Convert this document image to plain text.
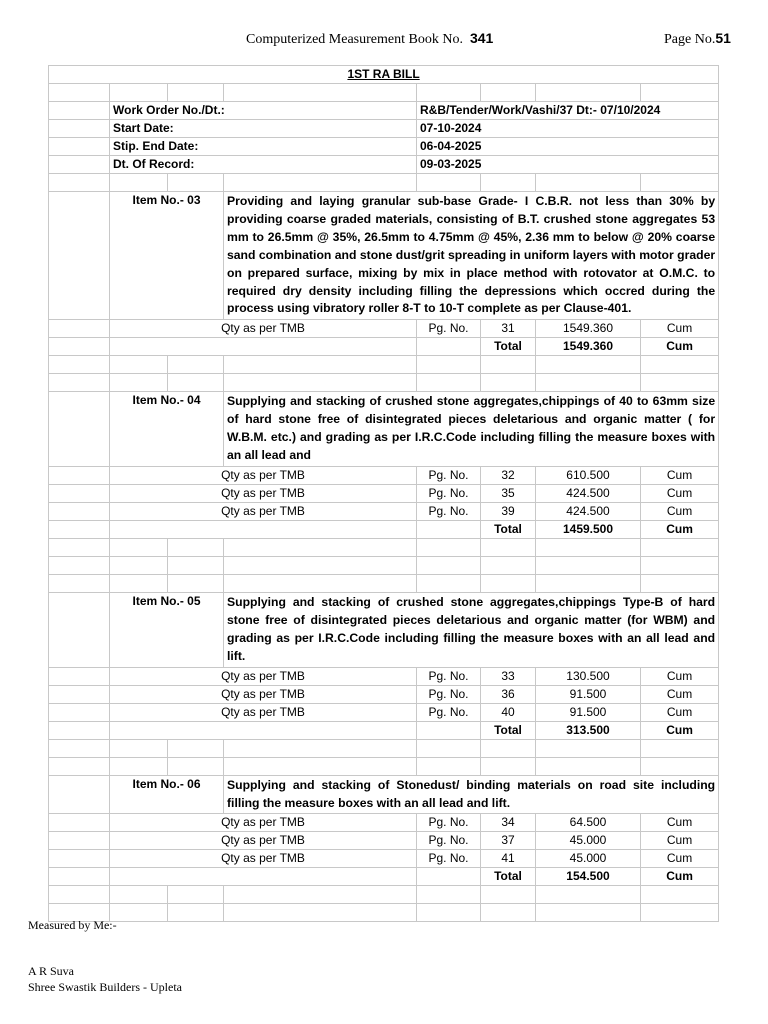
Computerized Measurement Book No. 341	Page No.51
1ST RA BILL							

	Work Order No./Dt.:			R&B/Tender/Work/Vashi/37 Dt:- 07/10/2024			
	Start Date:			07-10-2024			
	Stip. End Date:			06-04-2025			
	Dt. Of Record:			09-03-2025			

	Item No.- 03		Providing and laying granular sub-base Grade- I C.B.R. not less than 30% by providing coarse graded materials, consisting of B.T. crushed stone aggregates 53 mm to 26.5mm @ 35%, 26.5mm to 4.75mm @ 45%, 2.36 mm to below @ 20% coarse sand combination and stone dust/grit spreading in uniform layers with motor grader on prepared surface, mixing by mix in place method with rotovator at O.M.C. to required dry density including filling the depressions which occred during the process using vibratory roller 8-T to 10-T complete as per Clause-401.				
	Qty as per TMB			Pg. No.	31	1549.360	Cum
					Total	1549.360	Cum

	Item No.- 04		Supplying and stacking of crushed stone aggregates,chippings of 40 to 63mm size of hard stone free of disintegrated pieces deletarious and organic matter ( for W.B.M. etc.) and grading as per I.R.C.Code including filling the measure boxes with an all lead and				
	Qty as per TMB			Pg. No.	32	610.500	Cum
	Qty as per TMB			Pg. No.	35	424.500	Cum
	Qty as per TMB			Pg. No.	39	424.500	Cum
					Total	1459.500	Cum

	Item No.- 05		Supplying and stacking of crushed stone aggregates,chippings Type-B of hard stone free of disintegrated pieces deletarious and organic matter (for WBM) and grading as per I.R.C.Code including filling the measure boxes with an all lead and lift.				
	Qty as per TMB			Pg. No.	33	130.500	Cum
	Qty as per TMB			Pg. No.	36	91.500	Cum
	Qty as per TMB			Pg. No.	40	91.500	Cum
					Total	313.500	Cum

	Item No.- 06		Supplying and stacking of Stonedust/ binding materials on road site including filling the measure boxes with an all lead and lift.				
	Qty as per TMB			Pg. No.	34	64.500	Cum
	Qty as per TMB			Pg. No.	37	45.000	Cum
	Qty as per TMB			Pg. No.	41	45.000	Cum
					Total	154.500	Cum

Measured by Me:-
A R Suva
Shree Swastik Builders - Upleta
